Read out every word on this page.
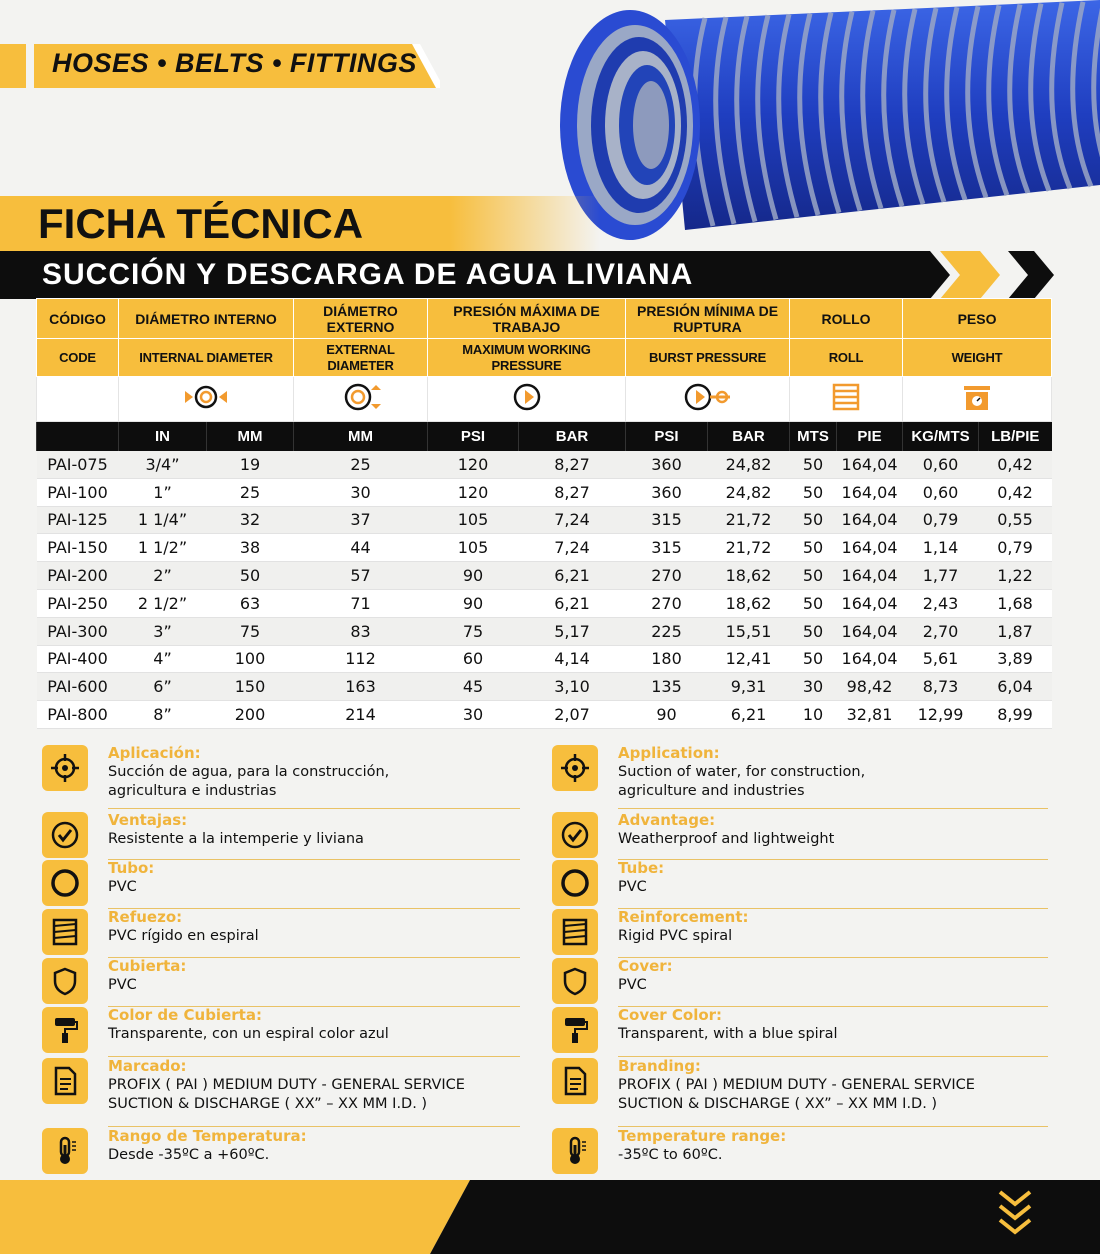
HOSES • BELTS • FITTINGS
FICHA TÉCNICA
SUCCIÓN Y DESCARGA DE AGUA LIVIANA
CÓDIGO	DIÁMETRO INTERNO		DIÁMETRO EXTERNO	PRESIÓN MÁXIMA DE TRABAJO		PRESIÓN MÍNIMA DE RUPTURA		ROLLO		PESO	
CODE	INTERNAL DIAMETER		EXTERNAL DIAMETER	MAXIMUM WORKING PRESSURE		BURST PRESSURE		ROLL		WEIGHT	

	IN	MM	MM	PSI	BAR	PSI	BAR	MTS	PIE	KG/MTS	LB/PIE
PAI-075	3/4”	19	25	120	8,27	360	24,82	50	164,04	0,60	0,42
PAI-100	1”	25	30	120	8,27	360	24,82	50	164,04	0,60	0,42
PAI-125	1 1/4”	32	37	105	7,24	315	21,72	50	164,04	0,79	0,55
PAI-150	1 1/2”	38	44	105	7,24	315	21,72	50	164,04	1,14	0,79
PAI-200	2”	50	57	90	6,21	270	18,62	50	164,04	1,77	1,22
PAI-250	2 1/2”	63	71	90	6,21	270	18,62	50	164,04	2,43	1,68
PAI-300	3”	75	83	75	5,17	225	15,51	50	164,04	2,70	1,87
PAI-400	4”	100	112	60	4,14	180	12,41	50	164,04	5,61	3,89
PAI-600	6”	150	163	45	3,10	135	9,31	30	98,42	8,73	6,04
PAI-800	8”	200	214	30	2,07	90	6,21	10	32,81	12,99	8,99
Aplicación:
Succión de agua, para la construcción,
agricultura e industrias
Ventajas:
Resistente a la intemperie y liviana
Tubo:
PVC
Refuezo:
PVC rígido en espiral
Cubierta:
PVC
Color de Cubierta:
Transparente, con un espiral color azul
Marcado:
PROFIX ( PAI ) MEDIUM DUTY - GENERAL SERVICE
SUCTION & DISCHARGE ( XX” – XX MM I.D. )
Rango de Temperatura:
Desde -35ºC a +60ºC.
Application:
Suction of water, for construction,
agriculture and industries
Advantage:
Weatherproof and lightweight
Tube:
PVC
Reinforcement:
Rigid PVC spiral
Cover:
PVC
Cover Color:
Transparent, with a blue spiral
Branding:
PROFIX ( PAI ) MEDIUM DUTY - GENERAL SERVICE
SUCTION & DISCHARGE ( XX” – XX MM I.D. )
Temperature range:
-35ºC to 60ºC.
